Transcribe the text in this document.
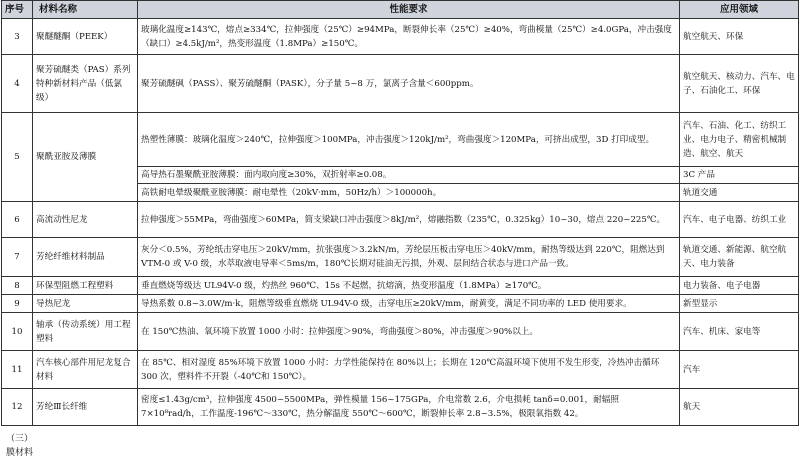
序号	材料名称	性能要求	应用领域
3	聚醚醚酮（PEEK）	玻璃化温度≥143℃，熔点≥334℃，拉伸强度（25℃）≥94MPa，断裂伸长率（25℃）≥40%，弯曲模量（25℃）≥4.0GPa，冲击强度（缺口）≥4.5kJ/m²，热变形温度（1.8MPa）≥150℃。	航空航天、环保
4	聚芳硫醚类（PAS）系列特种新材料产品（低氯级）	聚芳硫醚砜（PASS）、聚芳硫醚酮（PASK），分子量 5~8 万，氯离子含量＜600ppm。	航空航天、核动力、汽车、电子、石油化工、环保
5	聚酰亚胺及薄膜	热塑性薄膜：玻璃化温度＞240℃，拉伸强度＞100MPa，冲击强度＞120kJ/m²，弯曲强度＞120MPa，可挤出成型，3D 打印成型。	汽车、石油、化工、纺织工业、电力电子、精密机械制造、航空、航天
		高导热石墨聚酰亚胺薄膜：面内取向度≥30%，双折射率≥0.08。	3C 产品
		高铁耐电晕级聚酰亚胺薄膜：耐电晕性（20kV·mm，50Hz/h）＞100000h。	轨道交通
6	高流动性尼龙	拉伸强度＞55MPa，弯曲强度＞60MPa，简支梁缺口冲击强度＞8kJ/m²，熔融指数（235℃，0.325kg）10~30，熔点 220~225℃。	汽车、电子电器、纺织工业
7	芳纶纤维材料制品	灰分＜0.5%，芳纶纸击穿电压＞20kV/mm，抗张强度＞3.2kN/m，芳纶层压板击穿电压＞40kV/mm，耐热等级达到 220℃，阻燃达到 VTM-0 或 V-0 级，水萃取液电导率＜5ms/m，180℃长期对硅油无污损，外观、层间结合状态与进口产品一致。	轨道交通、新能源、航空航天、电力装备
8	环保型阻燃工程塑料	垂直燃烧等级达 UL94V-0 级，灼热丝 960℃、15s 不起燃，抗熔滴，热变形温度（1.8MPa）≥170℃。	电力装备、电子电器
9	导热尼龙	导热系数 0.8~3.0W/m·k，阻燃等级垂直燃烧 UL94V-0 级，击穿电压≥20kV/mm，耐黄变，满足不同功率的 LED 使用要求。	新型显示
10	轴承（传动系统）用工程塑料	在 150℃热油、氧环境下放置 1000 小时：拉伸强度＞90%，弯曲强度＞80%，冲击强度＞90%以上。	汽车、机床、家电等
11	汽车核心部件用尼龙复合材料	在 85℃、相对湿度 85%环境下放置 1000 小时：力学性能保持在 80%以上；长期在 120℃高温环境下使用不发生形变，冷热冲击循环 300 次，塑料件不开裂（-40℃和 150℃）。	汽车
12	芳纶Ⅲ长纤维	密度≤1.43g/cm³，拉伸强度 4500~5500MPa，弹性模量 156~175GPa，介电常数 2.6，介电损耗 tanδ=0.001，耐辐照 7×10⁸rad/h，工作温度-196℃～330℃，热分解温度 550℃～600℃，断裂伸长率 2.8~3.5%，极限氧指数 42。	航天
（三）
膜材料
